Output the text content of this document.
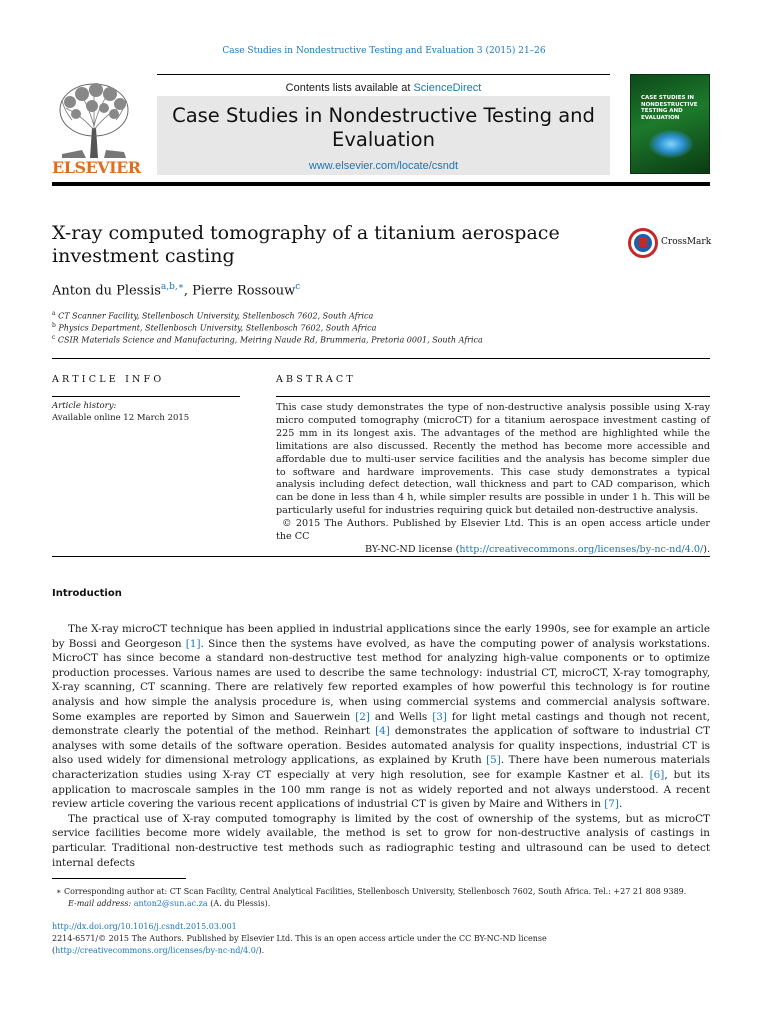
Case Studies in Nondestructive Testing and Evaluation 3 (2015) 21–26
ELSEVIER
Case Studies in Nondestructive Testing and
Evaluation
www.elsevier.com/locate/csndt
Contents lists available at ScienceDirect
CASE STUDIES IN NONDESTRUCTIVE TESTING AND EVALUATION
X-ray computed tomography of a titanium aerospace
investment casting
CrossMark
Anton du Plessis$^{a,b,∗}$, Pierre Rossouw$^c$
$^a$ CT Scanner Facility, Stellenbosch University, Stellenbosch 7602, South Africa
$^b$ Physics Department, Stellenbosch University, Stellenbosch 7602, South Africa
$^c$ CSIR Materials Science and Manufacturing, Meiring Naude Rd, Brummeria, Pretoria 0001, South Africa
ARTICLE INFO
Article history:
Available online 12 March 2015
ABSTRACT
This case study demonstrates the type of non-destructive analysis possible using X-ray micro computed tomography (microCT) for a titanium aerospace investment casting of 225 mm in its longest axis. The advantages of the method are highlighted while the limitations are also discussed. Recently the method has become more accessible and affordable due to multi-user service facilities and the analysis has become simpler due to software and hardware improvements. This case study demonstrates a typical analysis including defect detection, wall thickness and part to CAD comparison, which can be done in less than 4 h, while simpler results are possible in under 1 h. This will be particularly useful for industries requiring quick but detailed non-destructive analysis.
© 2015 The Authors. Published by Elsevier Ltd. This is an open access article under the CC
BY-NC-ND license (http://creativecommons.org/licenses/by-nc-nd/4.0/).
Introduction

The X-ray microCT technique has been applied in industrial applications since the early 1990s, see for example an article by Bossi and Georgeson [1]. Since then the systems have evolved, as have the computing power of analysis workstations. MicroCT has since become a standard non-destructive test method for analyzing high-value components or to optimize production processes. Various names are used to describe the same technology: industrial CT, microCT, X-ray tomography, X-ray scanning, CT scanning. There are relatively few reported examples of how powerful this technology is for routine analysis and how simple the analysis procedure is, when using commercial systems and commercial analysis software. Some examples are reported by Simon and Sauerwein [2] and Wells [3] for light metal castings and though not recent, demonstrate clearly the potential of the method. Reinhart [4] demonstrates the application of software to industrial CT analyses with some details of the software operation. Besides automated analysis for quality inspections, industrial CT is also used widely for dimensional metrology applications, as explained by Kruth [5]. There have been numerous materials characterization studies using X-ray CT especially at very high resolution, see for example Kastner et al. [6], but its application to macroscale samples in the 100 mm range is not as widely reported and not always understood. A recent review article covering the various recent applications of industrial CT is given by Maire and Withers in [7].

The practical use of X-ray computed tomography is limited by the cost of ownership of the systems, but as microCT service facilities become more widely available, the method is set to grow for non-destructive analysis of castings in particular. Traditional non-destructive test methods such as radiographic testing and ultrasound can be used to detect internal defects

∗ Corresponding author at: CT Scan Facility, Central Analytical Facilities, Stellenbosch University, Stellenbosch 7602, South Africa. Tel.: +27 21 808 9389.
E-mail address: anton2@sun.ac.za (A. du Plessis).
http://dx.doi.org/10.1016/j.csndt.2015.03.001
2214-6571/© 2015 The Authors. Published by Elsevier Ltd. This is an open access article under the CC BY-NC-ND license
(http://creativecommons.org/licenses/by-nc-nd/4.0/).
